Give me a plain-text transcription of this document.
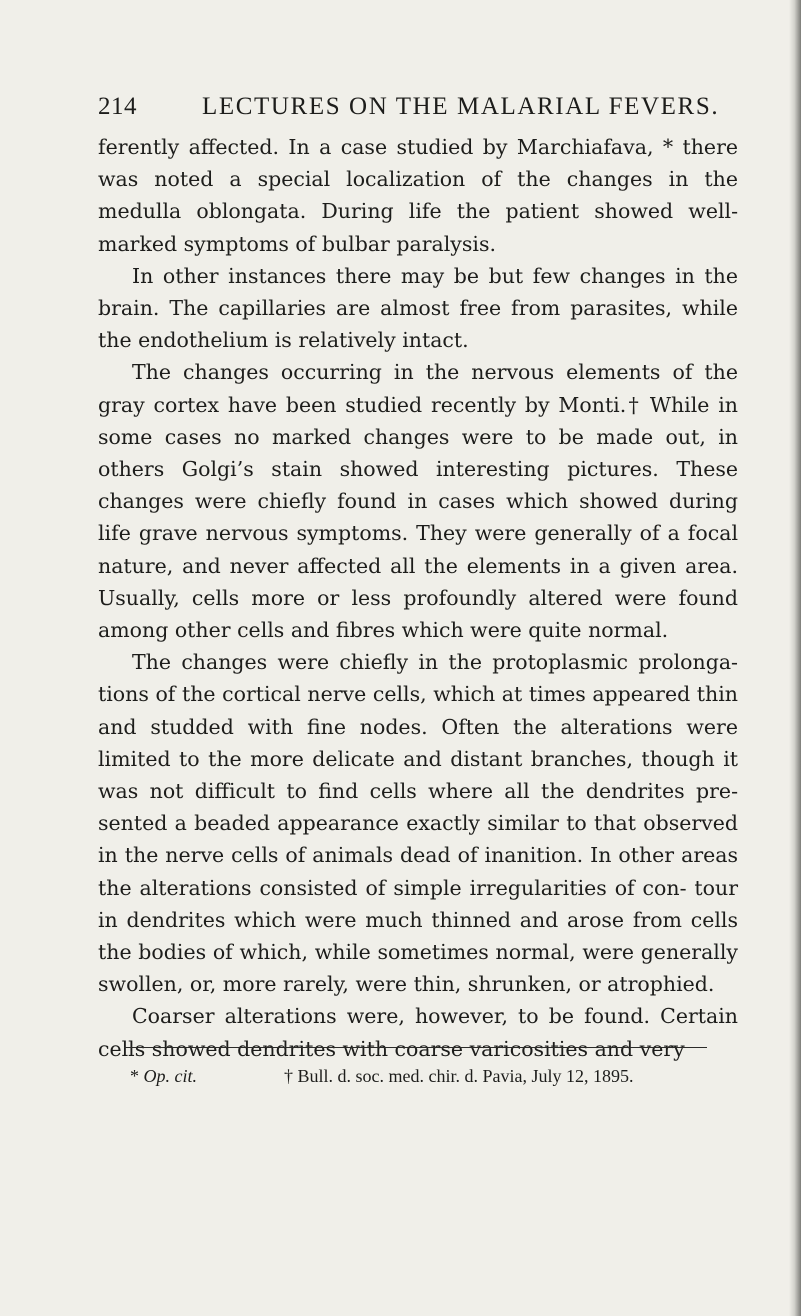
214	LECTURES ON THE MALARIAL FEVERS.

ferently affected. In a case studied by Marchiafava, * there was noted a special localization of the changes in the medulla oblongata. During life the patient showed well-marked symptoms of bulbar paralysis.

In other instances there may be but few changes in the brain. The capillaries are almost free from parasites, while the endothelium is relatively intact.

The changes occurring in the nervous elements of the gray cortex have been studied recently by Monti.† While in some cases no marked changes were to be made out, in others Golgi’s stain showed interesting pictures. These changes were chiefly found in cases which showed during life grave nervous symptoms. They were generally of a focal nature, and never affected all the elements in a given area. Usually, cells more or less profoundly altered were found among other cells and fibres which were quite normal.

The changes were chiefly in the protoplasmic prolonga- tions of the cortical nerve cells, which at times appeared thin and studded with fine nodes. Often the alterations were limited to the more delicate and distant branches, though it was not difficult to find cells where all the dendrites pre- sented a beaded appearance exactly similar to that observed in the nerve cells of animals dead of inanition. In other areas the alterations consisted of simple irregularities of con- tour in dendrites which were much thinned and arose from cells the bodies of which, while sometimes normal, were generally swollen, or, more rarely, were thin, shrunken, or atrophied.

Coarser alterations were, however, to be found. Certain cells showed dendrites with coarse varicosities and very

* Op. cit.	† Bull. d. soc. med. chir. d. Pavia, July 12, 1895.
